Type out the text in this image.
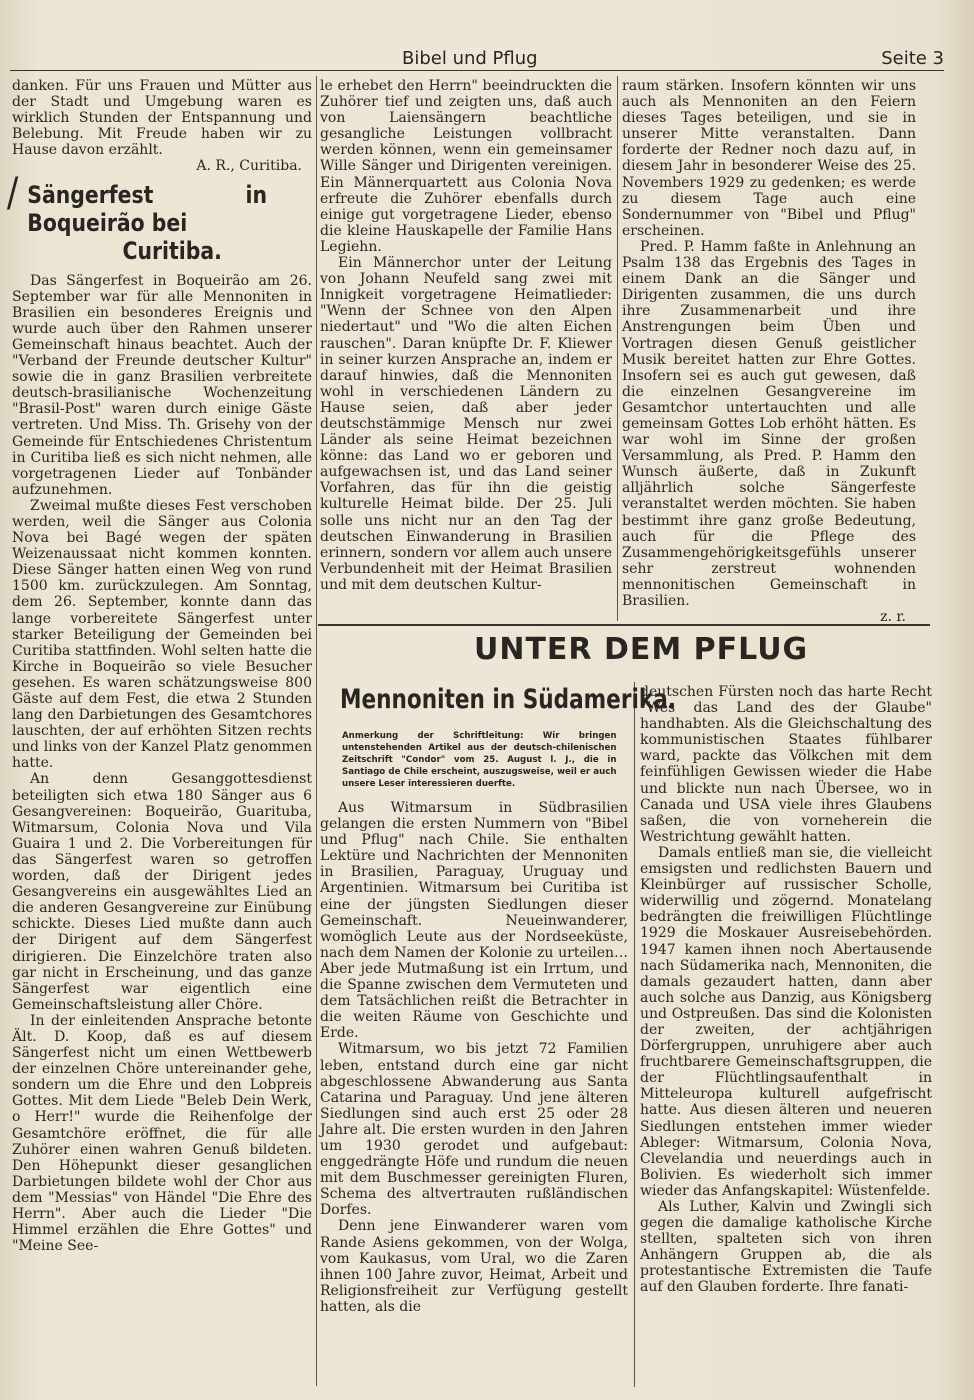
Bibel und Pflug	Seite 3

danken. Für uns Frauen und Mütter aus der Stadt und Umgebung waren es wirklich Stunden der Entspannung und Belebung. Mit Freude haben wir zu Hause davon erzählt.

A. R., Curitiba.

/ Sängerfest in Boqueirão bei
Curitiba.

Das Sängerfest in Boqueirão am 26. September war für alle Mennoniten in Brasilien ein besonderes Ereignis und wurde auch über den Rahmen unserer Gemeinschaft hinaus beachtet. Auch der "Verband der Freunde deutscher Kultur" sowie die in ganz Brasilien verbreitete deutsch-brasilianische Wochenzeitung "Brasil-Post" waren durch einige Gäste vertreten. Und Miss. Th. Grisehy von der Gemeinde für Entschiedenes Christentum in Curitiba ließ es sich nicht nehmen, alle vorgetragenen Lieder auf Tonbänder aufzunehmen.

Zweimal mußte dieses Fest verschoben werden, weil die Sänger aus Colonia Nova bei Bagé wegen der späten Weizenaussaat nicht kommen konnten. Diese Sänger hatten einen Weg von rund 1500 km. zurückzulegen. Am Sonntag, dem 26. September, konnte dann das lange vorbereitete Sängerfest unter starker Beteiligung der Gemeinden bei Curitiba stattfinden. Wohl selten hatte die Kirche in Boqueirão so viele Besucher gesehen. Es waren schätzungsweise 800 Gäste auf dem Fest, die etwa 2 Stunden lang den Darbietungen des Gesamtchores lauschten, der auf erhöhten Sitzen rechts und links von der Kanzel Platz genommen hatte.

An denn Gesanggottesdienst beteiligten sich etwa 180 Sänger aus 6 Gesangvereinen: Boqueirão, Guarituba, Witmarsum, Colonia Nova und Vila Guaira 1 und 2. Die Vorbereitungen für das Sängerfest waren so getroffen worden, daß der Dirigent jedes Gesangvereins ein ausgewähltes Lied an die anderen Gesangvereine zur Einübung schickte. Dieses Lied mußte dann auch der Dirigent auf dem Sängerfest dirigieren. Die Einzelchöre traten also gar nicht in Erscheinung, und das ganze Sängerfest war eigentlich eine Gemeinschaftsleistung aller Chöre.

In der einleitenden Ansprache betonte Ält. D. Koop, daß es auf diesem Sängerfest nicht um einen Wettbewerb der einzelnen Chöre untereinander gehe, sondern um die Ehre und den Lobpreis Gottes. Mit dem Liede "Beleb Dein Werk, o Herr!" wurde die Reihenfolge der Gesamtchöre eröffnet, die für alle Zuhörer einen wahren Genuß bildeten. Den Höhepunkt dieser gesanglichen Darbietungen bildete wohl der Chor aus dem "Messias" von Händel "Die Ehre des Herrn". Aber auch die Lieder "Die Himmel erzählen die Ehre Gottes" und "Meine See-

le erhebet den Herrn" beeindruckten die Zuhörer tief und zeigten uns, daß auch von Laiensängern beachtliche gesangliche Leistungen vollbracht werden können, wenn ein gemeinsamer Wille Sänger und Dirigenten vereinigen. Ein Männerquartett aus Colonia Nova erfreute die Zuhörer ebenfalls durch einige gut vorgetragene Lieder, ebenso die kleine Hauskapelle der Familie Hans Legiehn.

Ein Männerchor unter der Leitung von Johann Neufeld sang zwei mit Innigkeit vorgetragene Heimatlieder: "Wenn der Schnee von den Alpen niedertaut" und "Wo die alten Eichen rauschen". Daran knüpfte Dr. F. Kliewer in seiner kurzen Ansprache an, indem er darauf hinwies, daß die Mennoniten wohl in verschiedenen Ländern zu Hause seien, daß aber jeder deutschstämmige Mensch nur zwei Länder als seine Heimat bezeichnen könne: das Land wo er geboren und aufgewachsen ist, und das Land seiner Vorfahren, das für ihn die geistig kulturelle Heimat bilde. Der 25. Juli solle uns nicht nur an den Tag der deutschen Einwanderung in Brasilien erinnern, sondern vor allem auch unsere Verbundenheit mit der Heimat Brasilien und mit dem deutschen Kultur-

raum stärken. Insofern könnten wir uns auch als Mennoniten an den Feiern dieses Tages beteiligen, und sie in unserer Mitte veranstalten. Dann forderte der Redner noch dazu auf, in diesem Jahr in besonderer Weise des 25. Novembers 1929 zu gedenken; es werde zu diesem Tage auch eine Sondernummer von "Bibel und Pflug" erscheinen.

Pred. P. Hamm faßte in Anlehnung an Psalm 138 das Ergebnis des Tages in einem Dank an die Sänger und Dirigenten zusammen, die uns durch ihre Zusammenarbeit und ihre Anstrengungen beim Üben und Vortragen diesen Genuß geistlicher Musik bereitet hatten zur Ehre Gottes. Insofern sei es auch gut gewesen, daß die einzelnen Gesangvereine im Gesamtchor untertauchten und alle gemeinsam Gottes Lob erhöht hätten. Es war wohl im Sinne der großen Versammlung, als Pred. P. Hamm den Wunsch äußerte, daß in Zukunft alljährlich solche Sängerfeste veranstaltet werden möchten. Sie haben bestimmt ihre ganz große Bedeutung, auch für die Pflege des Zusammengehörigkeitsgefühls unserer sehr zerstreut wohnenden mennonitischen Gemeinschaft in Brasilien.

z. r.

UNTER DEM PFLUG
Mennoniten in Südamerika.
Anmerkung der Schriftleitung: Wir bringen untenstehenden Artikel aus der deutsch-chilenischen Zeitschrift "Condor" vom 25. August l. J., die in Santiago de Chile erscheint, auszugsweise, weil er auch unsere Leser interessieren duerfte.

Aus Witmarsum in Südbrasilien gelangen die ersten Nummern von "Bibel und Pflug" nach Chile. Sie enthalten Lektüre und Nachrichten der Mennoniten in Brasilien, Paraguay, Uruguay und Argentinien. Witmarsum bei Curitiba ist eine der jüngsten Siedlungen dieser Gemeinschaft. Neueinwanderer, womöglich Leute aus der Nordseeküste, nach dem Namen der Kolonie zu urteilen… Aber jede Mutmaßung ist ein Irrtum, und die Spanne zwischen dem Vermuteten und dem Tatsächlichen reißt die Betrachter in die weiten Räume von Geschichte und Erde.

Witmarsum, wo bis jetzt 72 Familien leben, entstand durch eine gar nicht abgeschlossene Abwanderung aus Santa Catarina und Paraguay. Und jene älteren Siedlungen sind auch erst 25 oder 28 Jahre alt. Die ersten wurden in den Jahren um 1930 gerodet und aufgebaut: enggedrängte Höfe und rundum die neuen mit dem Buschmesser gereinigten Fluren, Schema des altvertrauten rußländischen Dorfes.

Denn jene Einwanderer waren vom Rande Asiens gekommen, von der Wolga, vom Kaukasus, vom Ural, wo die Zaren ihnen 100 Jahre zuvor, Heimat, Arbeit und Religionsfreiheit zur Verfügung gestellt hatten, als die

deutschen Fürsten noch das harte Recht "Wes das Land des der Glaube" handhabten. Als die Gleichschaltung des kommunistischen Staates fühlbarer ward, packte das Völkchen mit dem feinfühligen Gewissen wieder die Habe und blickte nun nach Übersee, wo in Canada und USA viele ihres Glaubens saßen, die von vorneherein die Westrichtung gewählt hatten.

Damals entließ man sie, die vielleicht emsigsten und redlichsten Bauern und Kleinbürger auf russischer Scholle, widerwillig und zögernd. Monatelang bedrängten die freiwilligen Flüchtlinge 1929 die Moskauer Ausreisebehörden. 1947 kamen ihnen noch Abertausende nach Südamerika nach, Mennoniten, die damals gezaudert hatten, dann aber auch solche aus Danzig, aus Königsberg und Ostpreußen. Das sind die Kolonisten der zweiten, der achtjährigen Dörfergruppen, unruhigere aber auch fruchtbarere Gemeinschaftsgruppen, die der Flüchtlingsaufenthalt in Mitteleuropa kulturell aufgefrischt hatte. Aus diesen älteren und neueren Siedlungen entstehen immer wieder Ableger: Witmarsum, Colonia Nova, Clevelandia und neuerdings auch in Bolivien. Es wiederholt sich immer wieder das Anfangskapitel: Wüstenfelde.

Als Luther, Kalvin und Zwingli sich gegen die damalige katholische Kirche stellten, spalteten sich von ihren Anhängern Gruppen ab, die als protestantische Extremisten die Taufe auf den Glauben forderte. Ihre fanati-
